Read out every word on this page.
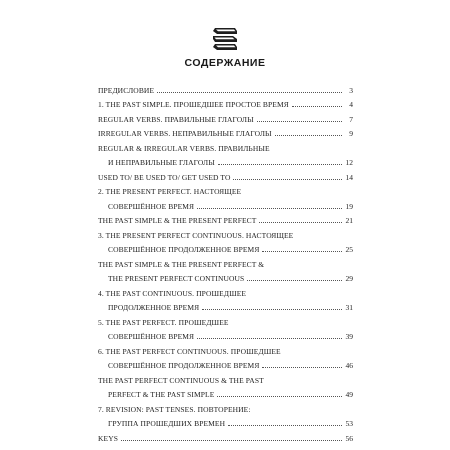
СОДЕРЖАНИЕ
ПРЕДИСЛОВИЕ	3
1. THE PAST SIMPLE. ПРОШЕДШЕЕ ПРОСТОЕ ВРЕМЯ	4
REGULAR VERBS. ПРАВИЛЬНЫЕ ГЛАГОЛЫ	7
IRREGULAR VERBS. НЕПРАВИЛЬНЫЕ ГЛАГОЛЫ	9
REGULAR & IRREGULAR VERBS. ПРАВИЛЬНЫЕ
И НЕПРАВИЛЬНЫЕ ГЛАГОЛЫ	12
USED TO/ BE USED TO/ GET USED TO	14
2. THE PRESENT PERFECT. НАСТОЯЩЕЕ
СОВЕРШЁННОЕ ВРЕМЯ	19
THE PAST SIMPLE & THE PRESENT PERFECT	21
3. THE PRESENT PERFECT CONTINUOUS. НАСТОЯЩЕЕ
СОВЕРШЁННОЕ ПРОДОЛЖЕННОЕ ВРЕМЯ	25
THE PAST SIMPLE & THE PRESENT PERFECT &
THE PRESENT PERFECT CONTINUOUS	29
4. THE PAST CONTINUOUS. ПРОШЕДШЕЕ
ПРОДОЛЖЕННОЕ ВРЕМЯ	31
5. THE PAST PERFECT. ПРОШЕДШЕЕ
СОВЕРШЁННОЕ ВРЕМЯ	39
6. THE PAST PERFECT CONTINUOUS. ПРОШЕДШЕЕ
СОВЕРШЁННОЕ ПРОДОЛЖЕННОЕ ВРЕМЯ	46
THE PAST PERFECT CONTINUOUS & THE PAST
PERFECT & THE PAST SIMPLE	49
7. REVISION: PAST TENSES. ПОВТОРЕНИЕ:
ГРУППА ПРОШЕДШИХ ВРЕМЕН	53
KEYS	56
